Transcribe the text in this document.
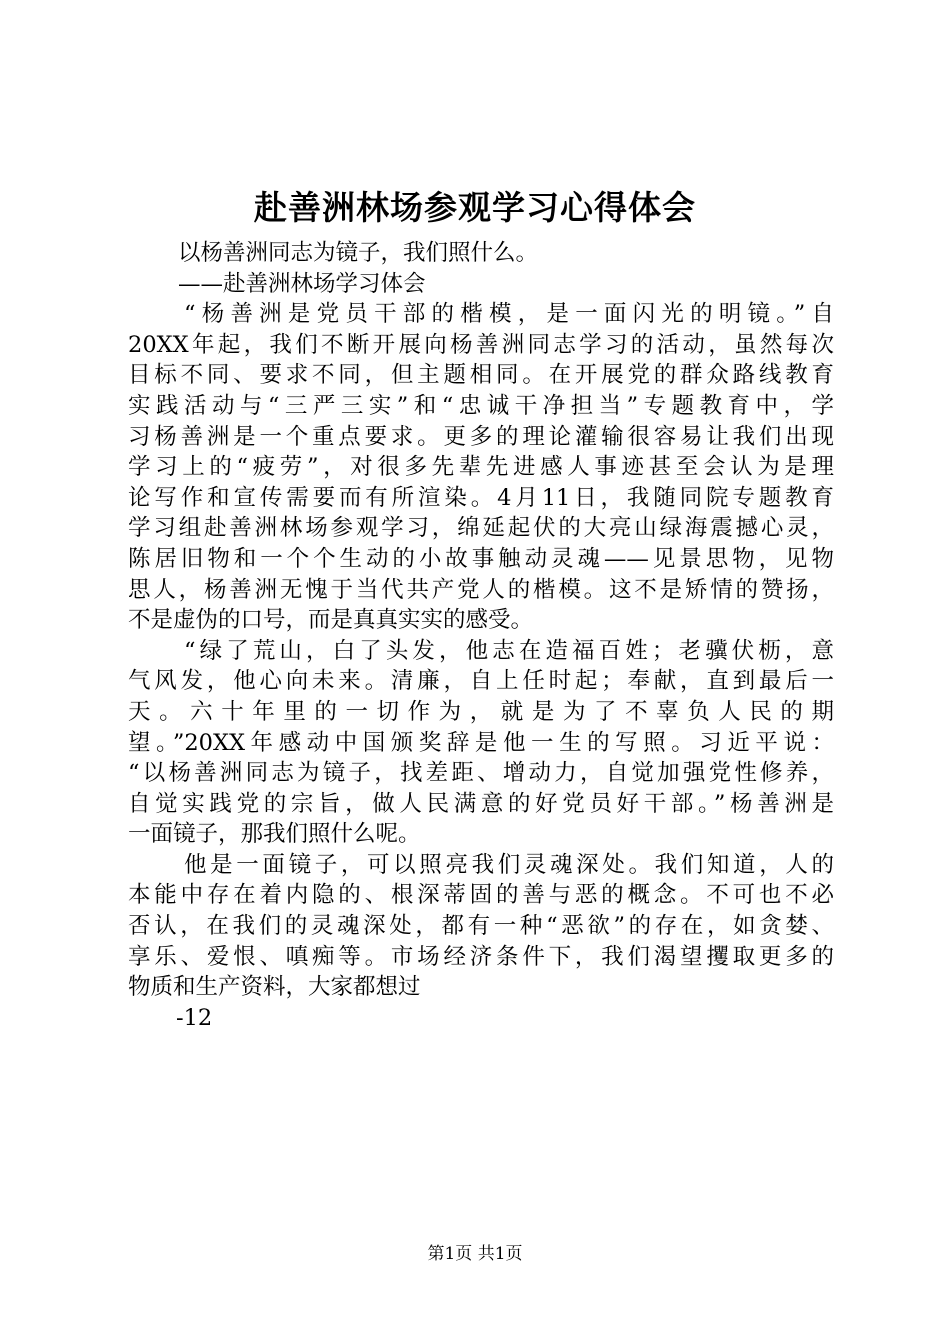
赴善洲林场参观学习心得体会
以杨善洲同志为镜子，我们照什么。
——赴善洲林场学习体会
“杨善洲是党员干部的楷模，是一面闪光的明镜。”自
20XX年起，我们不断开展向杨善洲同志学习的活动，虽然每次
目标不同、要求不同，但主题相同。在开展党的群众路线教育
实践活动与“三严三实”和“忠诚干净担当”专题教育中，学
习杨善洲是一个重点要求。更多的理论灌输很容易让我们出现
学习上的“疲劳”，对很多先辈先进感人事迹甚至会认为是理
论写作和宣传需要而有所渲染。4月11日，我随同院专题教育
学习组赴善洲林场参观学习，绵延起伏的大亮山绿海震撼心灵，
陈居旧物和一个个生动的小故事触动灵魂——见景思物，见物
思人，杨善洲无愧于当代共产党人的楷模。这不是矫情的赞扬，
不是虚伪的口号，而是真真实实的感受。
“绿了荒山，白了头发，他志在造福百姓；老骥伏枥，意
气风发，他心向未来。清廉，自上任时起；奉献，直到最后一
天。六十年里的一切作为，就是为了不辜负人民的期
望。”20XX年感动中国颁奖辞是他一生的写照。习近平说：
“以杨善洲同志为镜子，找差距、增动力，自觉加强党性修养，
自觉实践党的宗旨，做人民满意的好党员好干部。”杨善洲是
一面镜子，那我们照什么呢。
他是一面镜子，可以照亮我们灵魂深处。我们知道，人的
本能中存在着内隐的、根深蒂固的善与恶的概念。不可也不必
否认，在我们的灵魂深处，都有一种“恶欲”的存在，如贪婪、
享乐、爱恨、嗔痴等。市场经济条件下，我们渴望攫取更多的
物质和生产资料，大家都想过
-12
第1页 共1页
